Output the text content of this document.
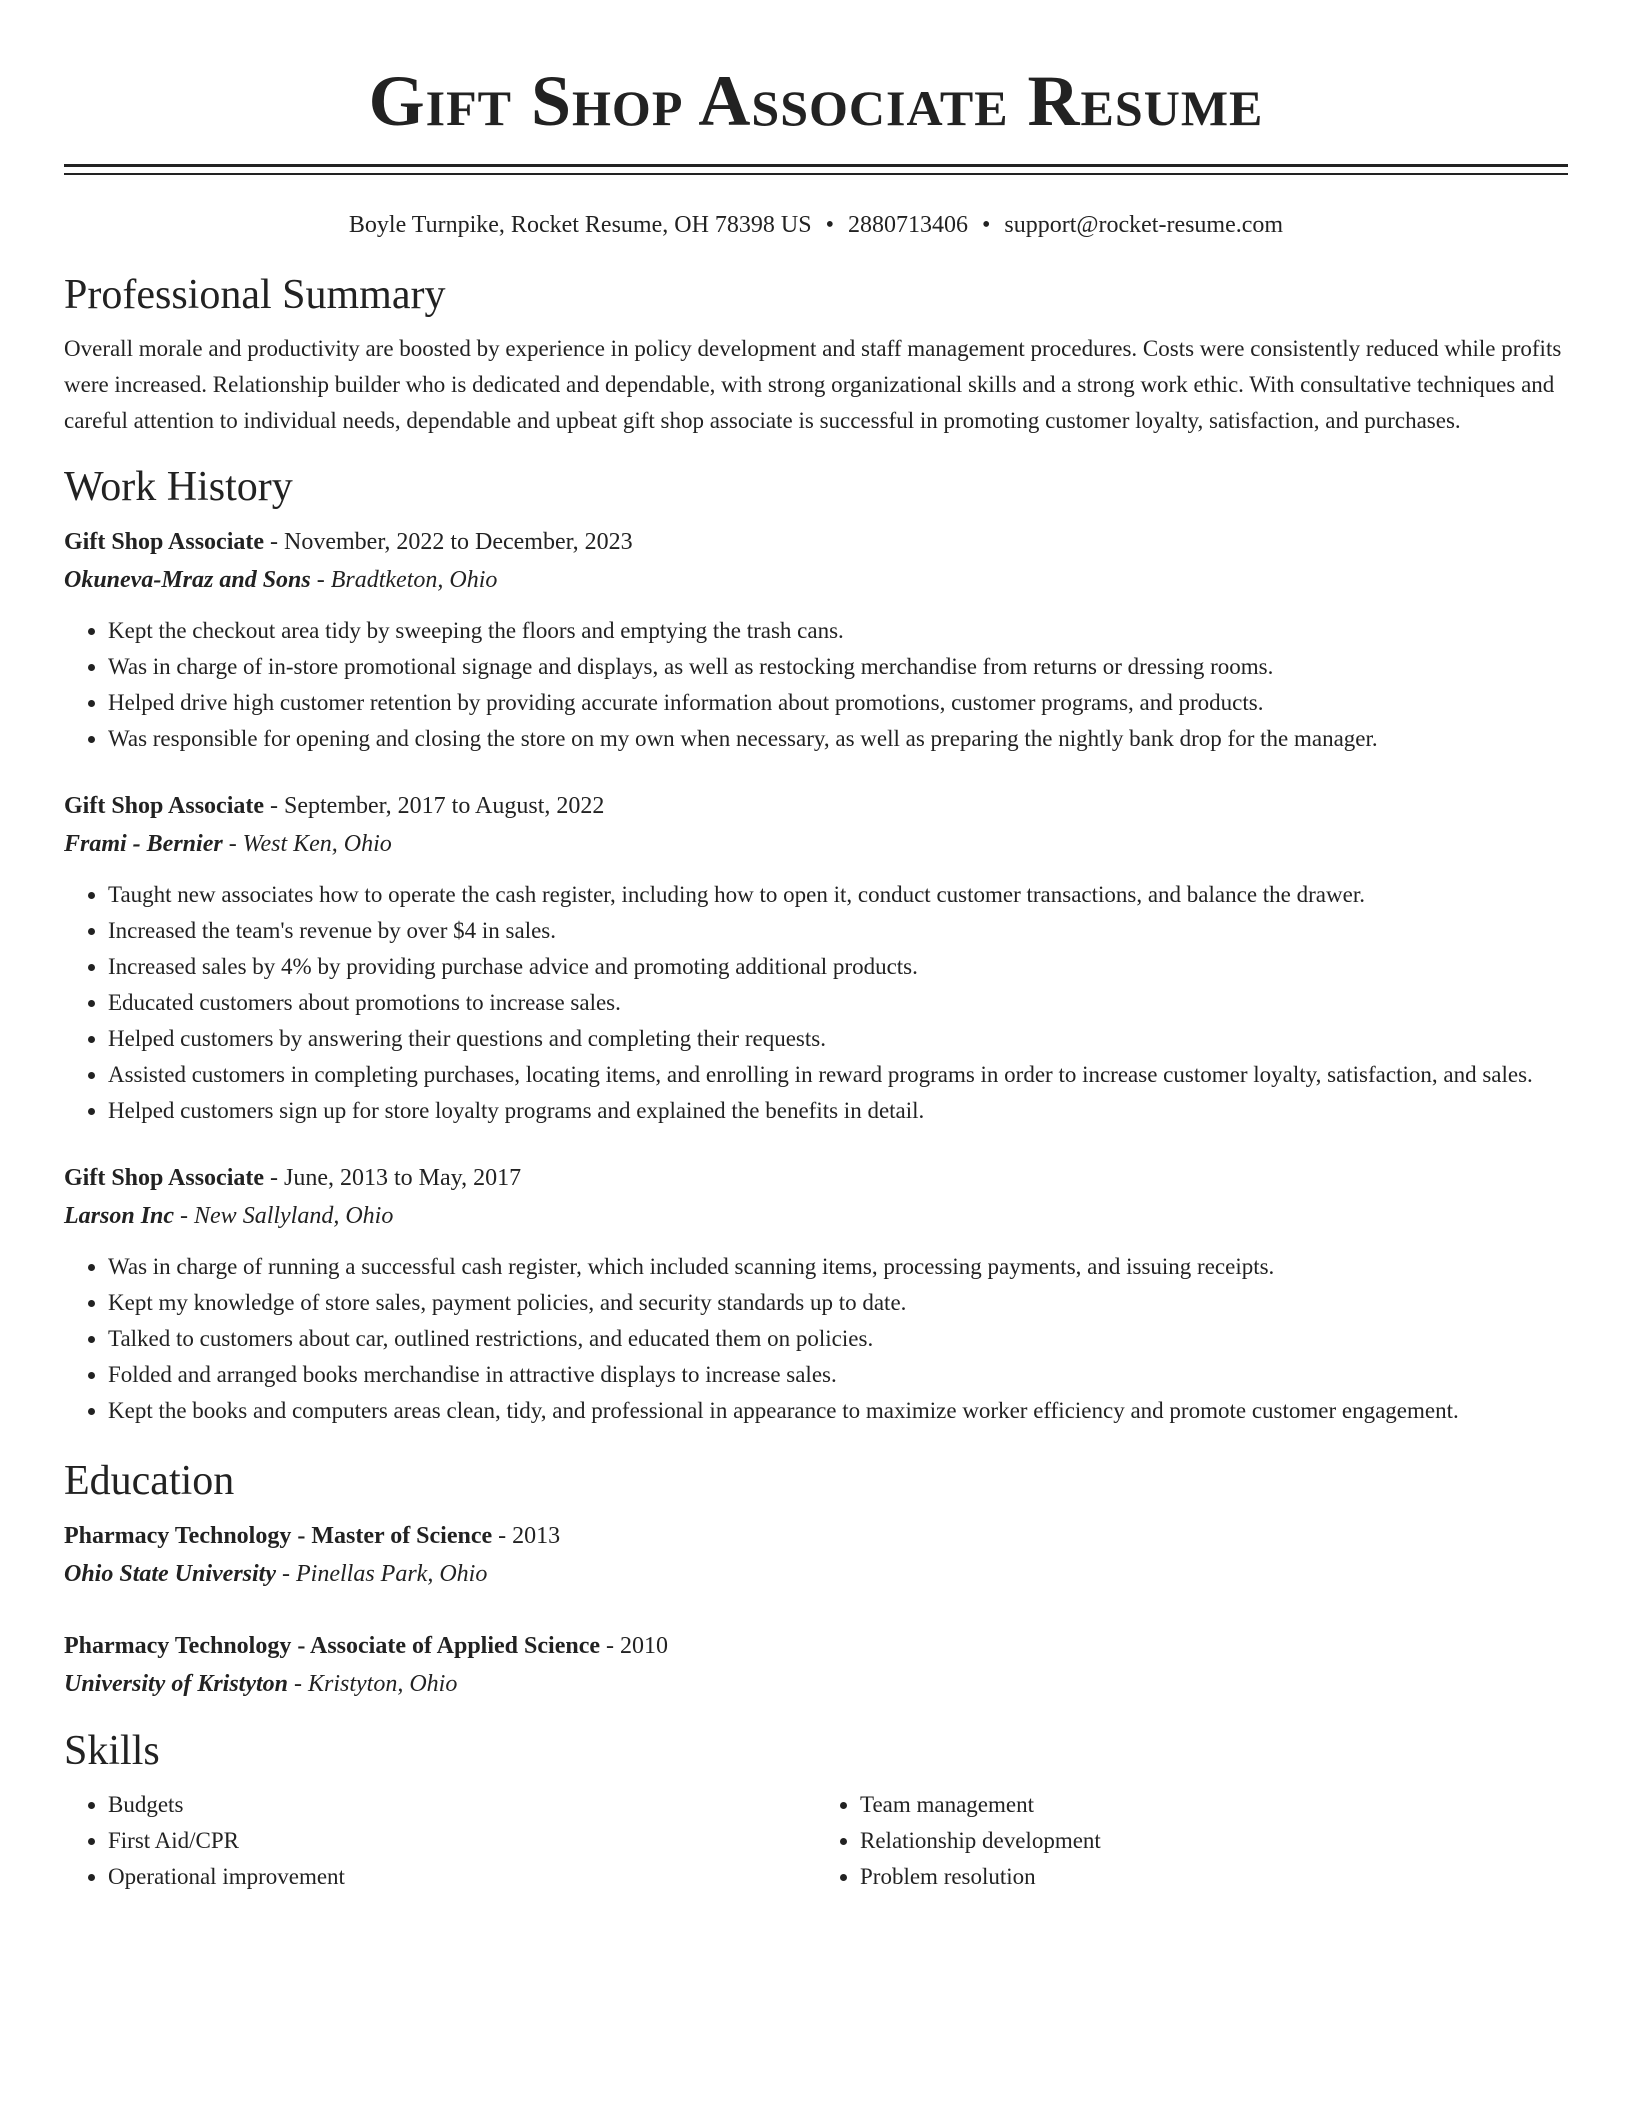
Gift Shop Associate Resume
Boyle Turnpike, Rocket Resume, OH 78398 US • 2880713406 • support@rocket-resume.com
Professional Summary

Overall morale and productivity are boosted by experience in policy development and staff management procedures. Costs were consistently reduced while profits were increased. Relationship builder who is dedicated and dependable, with strong organizational skills and a strong work ethic. With consultative techniques and careful attention to individual needs, dependable and upbeat gift shop associate is successful in promoting customer loyalty, satisfaction, and purchases.

Work History

Gift Shop Associate - November, 2022 to December, 2023

Okuneva-Mraz and Sons - Bradtketon, Ohio

• Kept the checkout area tidy by sweeping the floors and emptying the trash cans.
• Was in charge of in-store promotional signage and displays, as well as restocking merchandise from returns or dressing rooms.
• Helped drive high customer retention by providing accurate information about promotions, customer programs, and products.
• Was responsible for opening and closing the store on my own when necessary, as well as preparing the nightly bank drop for the manager.

Gift Shop Associate - September, 2017 to August, 2022

Frami - Bernier - West Ken, Ohio

• Taught new associates how to operate the cash register, including how to open it, conduct customer transactions, and balance the drawer.
• Increased the team's revenue by over $4 in sales.
• Increased sales by 4% by providing purchase advice and promoting additional products.
• Educated customers about promotions to increase sales.
• Helped customers by answering their questions and completing their requests.
• Assisted customers in completing purchases, locating items, and enrolling in reward programs in order to increase customer loyalty, satisfaction, and sales.
• Helped customers sign up for store loyalty programs and explained the benefits in detail.

Gift Shop Associate - June, 2013 to May, 2017

Larson Inc - New Sallyland, Ohio

• Was in charge of running a successful cash register, which included scanning items, processing payments, and issuing receipts.
• Kept my knowledge of store sales, payment policies, and security standards up to date.
• Talked to customers about car, outlined restrictions, and educated them on policies.
• Folded and arranged books merchandise in attractive displays to increase sales.
• Kept the books and computers areas clean, tidy, and professional in appearance to maximize worker efficiency and promote customer engagement.
Education

Pharmacy Technology - Master of Science - 2013

Ohio State University - Pinellas Park, Ohio

Pharmacy Technology - Associate of Applied Science - 2010

University of Kristyton - Kristyton, Ohio

Skills
• Budgets
• First Aid/CPR
• Operational improvement
• Team management
• Relationship development
• Problem resolution
